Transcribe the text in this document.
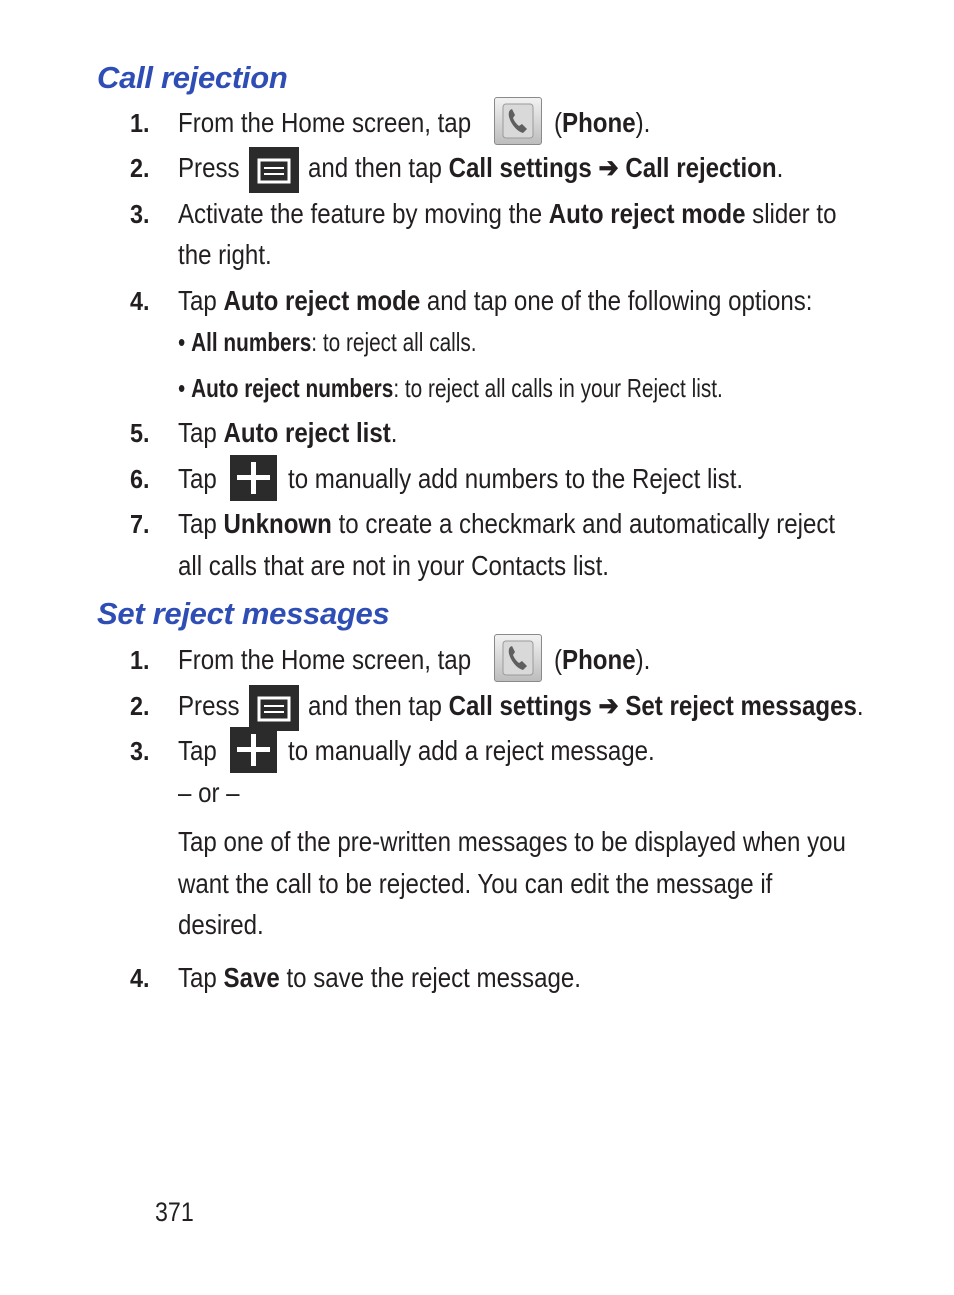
Call rejection
1. From the Home screen, tap	(Phone).
2. Press and then tap Call settings ➔ Call rejection.
3. Activate the feature by moving the Auto reject mode slider to
the right.
4. Tap Auto reject mode and tap one of the following options:
• All numbers: to reject all calls.
• Auto reject numbers: to reject all calls in your Reject list.
5. Tap Auto reject list.
6. Tap	to manually add numbers to the Reject list.
7. Tap Unknown to create a checkmark and automatically reject
all calls that are not in your Contacts list.
Set reject messages
1. From the Home screen, tap	(Phone).
2. Press and then tap Call settings ➔ Set reject messages.
3. Tap	to manually add a reject message.
– or –
Tap one of the pre-written messages to be displayed when you
want the call to be rejected. You can edit the message if
desired.
4. Tap Save to save the reject message.
371
